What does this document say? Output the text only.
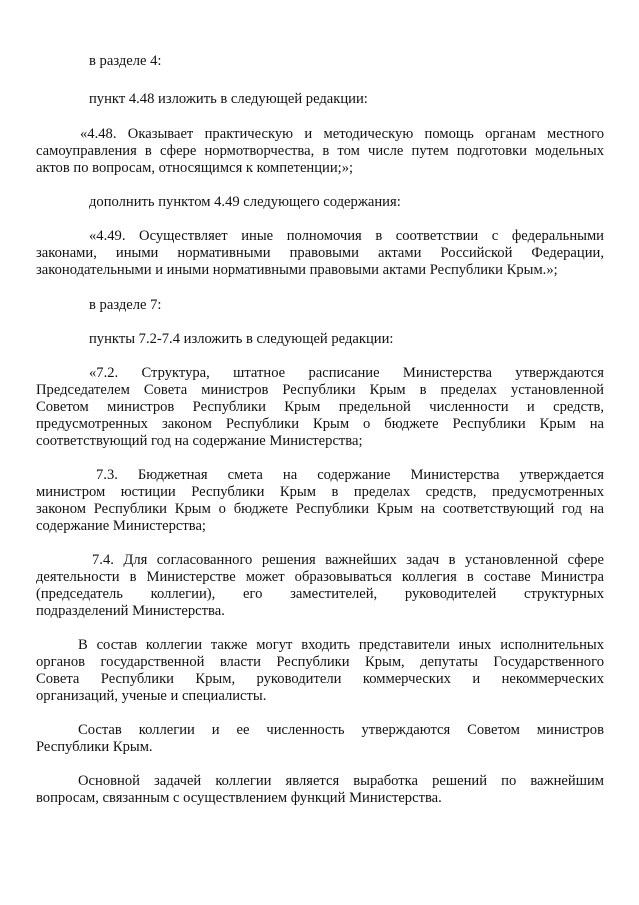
в разделе 4:
пункт 4.48 изложить в следующей редакции:
«4.48. Оказывает практическую и методическую помощь органам местного
самоуправления в сфере нормотворчества, в том числе путем подготовки модельных
актов по вопросам, относящимся к компетенции;»;
дополнить пунктом 4.49 следующего содержания:
«4.49. Осуществляет иные полномочия в соответствии с федеральными
законами, иными нормативными правовыми актами Российской Федерации,
законодательными и иными нормативными правовыми актами Республики Крым.»;
в разделе 7:
пункты 7.2-7.4 изложить в следующей редакции:
«7.2. Структура, штатное расписание Министерства утверждаются
Председателем Совета министров Республики Крым в пределах установленной
Советом министров Республики Крым предельной численности и средств,
предусмотренных законом Республики Крым о бюджете Республики Крым на
соответствующий год на содержание Министерства;
7.3. Бюджетная смета на содержание Министерства утверждается
министром юстиции Республики Крым в пределах средств, предусмотренных
законом Республики Крым о бюджете Республики Крым на соответствующий год на
содержание Министерства;
7.4. Для согласованного решения важнейших задач в установленной сфере
деятельности в Министерстве может образовываться коллегия в составе Министра
(председатель коллегии), его заместителей, руководителей структурных
подразделений Министерства.
В состав коллегии также могут входить представители иных исполнительных
органов государственной власти Республики Крым, депутаты Государственного
Совета Республики Крым, руководители коммерческих и некоммерческих
организаций, ученые и специалисты.
Состав коллегии и ее численность утверждаются Советом министров
Республики Крым.
Основной задачей коллегии является выработка решений по важнейшим
вопросам, связанным с осуществлением функций Министерства.
